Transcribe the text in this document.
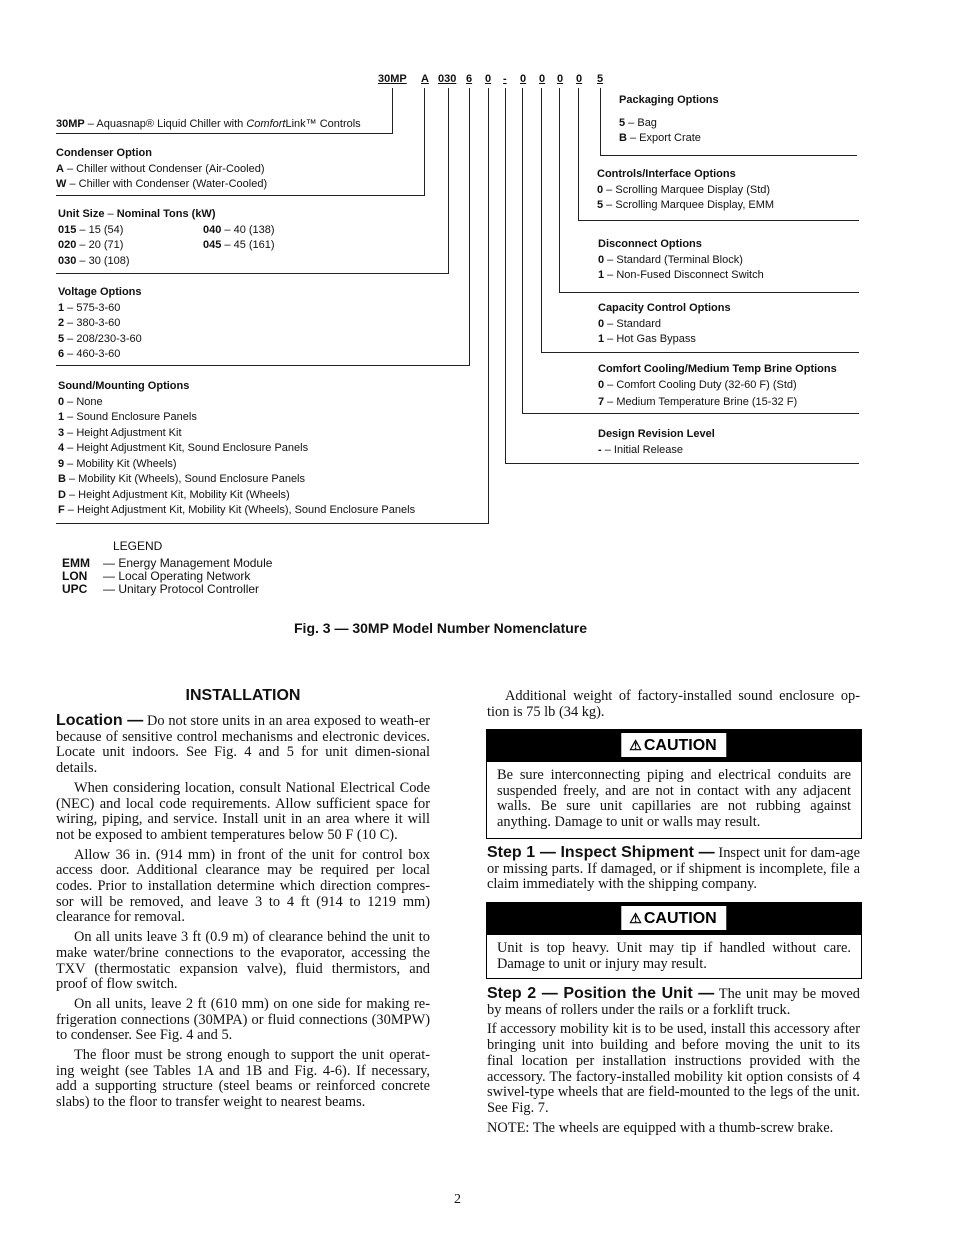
30MP A 030 6 0 - 0 0 0 0 5
30MP – Aquasnap® Liquid Chiller with ComfortLink™ Controls
Condenser Option
A – Chiller without Condenser (Air-Cooled)
W – Chiller with Condenser (Water-Cooled)
Unit Size – Nominal Tons (kW)
015 – 15 (54)
020 – 20 (71)
030 – 30 (108)
040 – 40 (138)
045 – 45 (161)
Voltage Options
1 – 575-3-60
2 – 380-3-60
5 – 208/230-3-60
6 – 460-3-60
Sound/Mounting Options
0 – None
1 – Sound Enclosure Panels
3 – Height Adjustment Kit
4 – Height Adjustment Kit, Sound Enclosure Panels
9 – Mobility Kit (Wheels)
B – Mobility Kit (Wheels), Sound Enclosure Panels
D – Height Adjustment Kit, Mobility Kit (Wheels)
F – Height Adjustment Kit, Mobility Kit (Wheels), Sound Enclosure Panels
Packaging Options
5 – Bag
B – Export Crate
Controls/Interface Options
0 – Scrolling Marquee Display (Std)
5 – Scrolling Marquee Display, EMM
Disconnect Options
0 – Standard (Terminal Block)
1 – Non-Fused Disconnect Switch
Capacity Control Options
0 – Standard
1 – Hot Gas Bypass
Comfort Cooling/Medium Temp Brine Options
0 – Comfort Cooling Duty (32-60 F) (Std)
7 – Medium Temperature Brine (15-32 F)
Design Revision Level
- – Initial Release
LEGEND
EMM — Energy Management Module
LON — Local Operating Network
UPC — Unitary Protocol Controller
Fig. 3 — 30MP Model Number Nomenclature
INSTALLATION

Location — Do not store units in an area exposed to weath-er because of sensitive control mechanisms and electronic devices. Locate unit indoors. See Fig. 4 and 5 for unit dimen-sional details.

When considering location, consult National Electrical Code (NEC) and local code requirements. Allow sufficient space for wiring, piping, and service. Install unit in an area where it will not be exposed to ambient temperatures below 50 F (10 C).

Allow 36 in. (914 mm) in front of the unit for control box access door. Additional clearance may be required per local codes. Prior to installation determine which direction compres-sor will be removed, and leave 3 to 4 ft (914 to 1219 mm) clearance for removal.

On all units leave 3 ft (0.9 m) of clearance behind the unit to make water/brine connections to the evaporator, accessing the TXV (thermostatic expansion valve), fluid thermistors, and proof of flow switch.

On all units, leave 2 ft (610 mm) on one side for making re-frigeration connections (30MPA) or fluid connections (30MPW) to condenser. See Fig. 4 and 5.

The floor must be strong enough to support the unit operat-ing weight (see Tables 1A and 1B and Fig. 4-6). If necessary, add a supporting structure (steel beams or reinforced concrete slabs) to the floor to transfer weight to nearest beams.

Additional weight of factory-installed sound enclosure op-tion is 75 lb (34 kg).

⚠ CAUTION
Be sure interconnecting piping and electrical conduits are suspended freely, and are not in contact with any adjacent walls. Be sure unit capillaries are not rubbing against anything. Damage to unit or walls may result.

Step 1 — Inspect Shipment — Inspect unit for dam-age or missing parts. If damaged, or if shipment is incomplete, file a claim immediately with the shipping company.

⚠ CAUTION
Unit is top heavy. Unit may tip if handled without care. Damage to unit or injury may result.

Step 2 — Position the Unit — The unit may be moved by means of rollers under the rails or a forklift truck.

If accessory mobility kit is to be used, install this accessory after bringing unit into building and before moving the unit to its final location per installation instructions provided with the accessory. The factory-installed mobility kit option consists of 4 swivel-type wheels that are field-mounted to the legs of the unit. See Fig. 7.

NOTE: The wheels are equipped with a thumb-screw brake.

2
